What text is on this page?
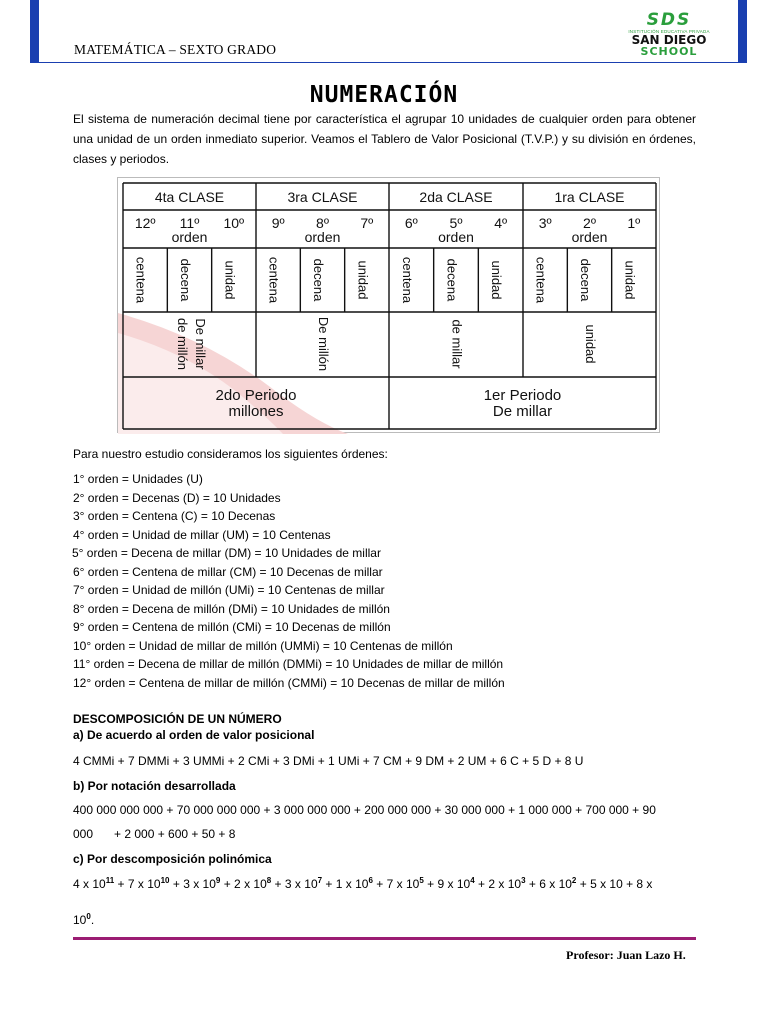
MATEMÁTICA – SEXTO GRADO
SDS
INSTITUCIÓN EDUCATIVA PRIVADA
SAN DIEGO
SCHOOL
NUMERACIÓN
El sistema de numeración decimal tiene por característica el agrupar 10 unidades de cualquier orden para obtener una unidad de un orden inmediato superior. Veamos el Tablero de Valor Posicional (T.V.P.) y su división en órdenes, clases y periodos.
4ta CLASE
12º 11º 10º
orden
centena decena unidad
De millar
de millón
3ra CLASE
9º 8º 7º
orden
centena decena unidad
De millón
2da CLASE
6º 5º 4º
orden
centena decena unidad
de millar
1ra CLASE
3º 2º 1º
orden
centena decena unidad
unidad
2do Periodo
millones
1er Periodo
De millar
Para nuestro estudio consideramos los siguientes órdenes:
1° orden = Unidades (U)
2° orden = Decenas (D) = 10 Unidades
3° orden = Centena (C) = 10 Decenas
4° orden = Unidad de millar (UM) = 10 Centenas
5° orden = Decena de millar (DM) = 10 Unidades de millar
6° orden = Centena de millar (CM) = 10 Decenas de millar
7° orden = Unidad de millón (UMi) = 10 Centenas de millar
8° orden = Decena de millón (DMi) = 10 Unidades de millón
9° orden = Centena de millón (CMi) = 10 Decenas de millón
10° orden = Unidad de millar de millón (UMMi) = 10 Centenas de millón
11° orden = Decena de millar de millón (DMMi) = 10 Unidades de millar de millón
12° orden = Centena de millar de millón (CMMi) = 10 Decenas de millar de millón
DESCOMPOSICIÓN DE UN NÚMERO
a) De acuerdo al orden de valor posicional
4 CMMi + 7 DMMi + 3 UMMi + 2 CMi + 3 DMi + 1 UMi + 7 CM + 9 DM + 2 UM + 6 C + 5 D + 8 U
b) Por notación desarrollada
400 000 000 000 + 70 000 000 000 + 3 000 000 000 + 200 000 000 + 30 000 000 + 1 000 000 + 700 000 + 90
000 + 2 000 + 600 + 50 + 8
c) Por descomposición polinómica
4 x $10^{11} + 7$ x $10^{10} + 3$ x $10^9 + 2$ x $10^8 + 3$ x $10^7 + 1$ x $10^6 + 7$ x $10^5 + 9$ x $10^4 + 2$ x $10^3 + 6$ x $10^2 + 5$ x 10 + 8 x
$10^0$.
Profesor: Juan Lazo H.
